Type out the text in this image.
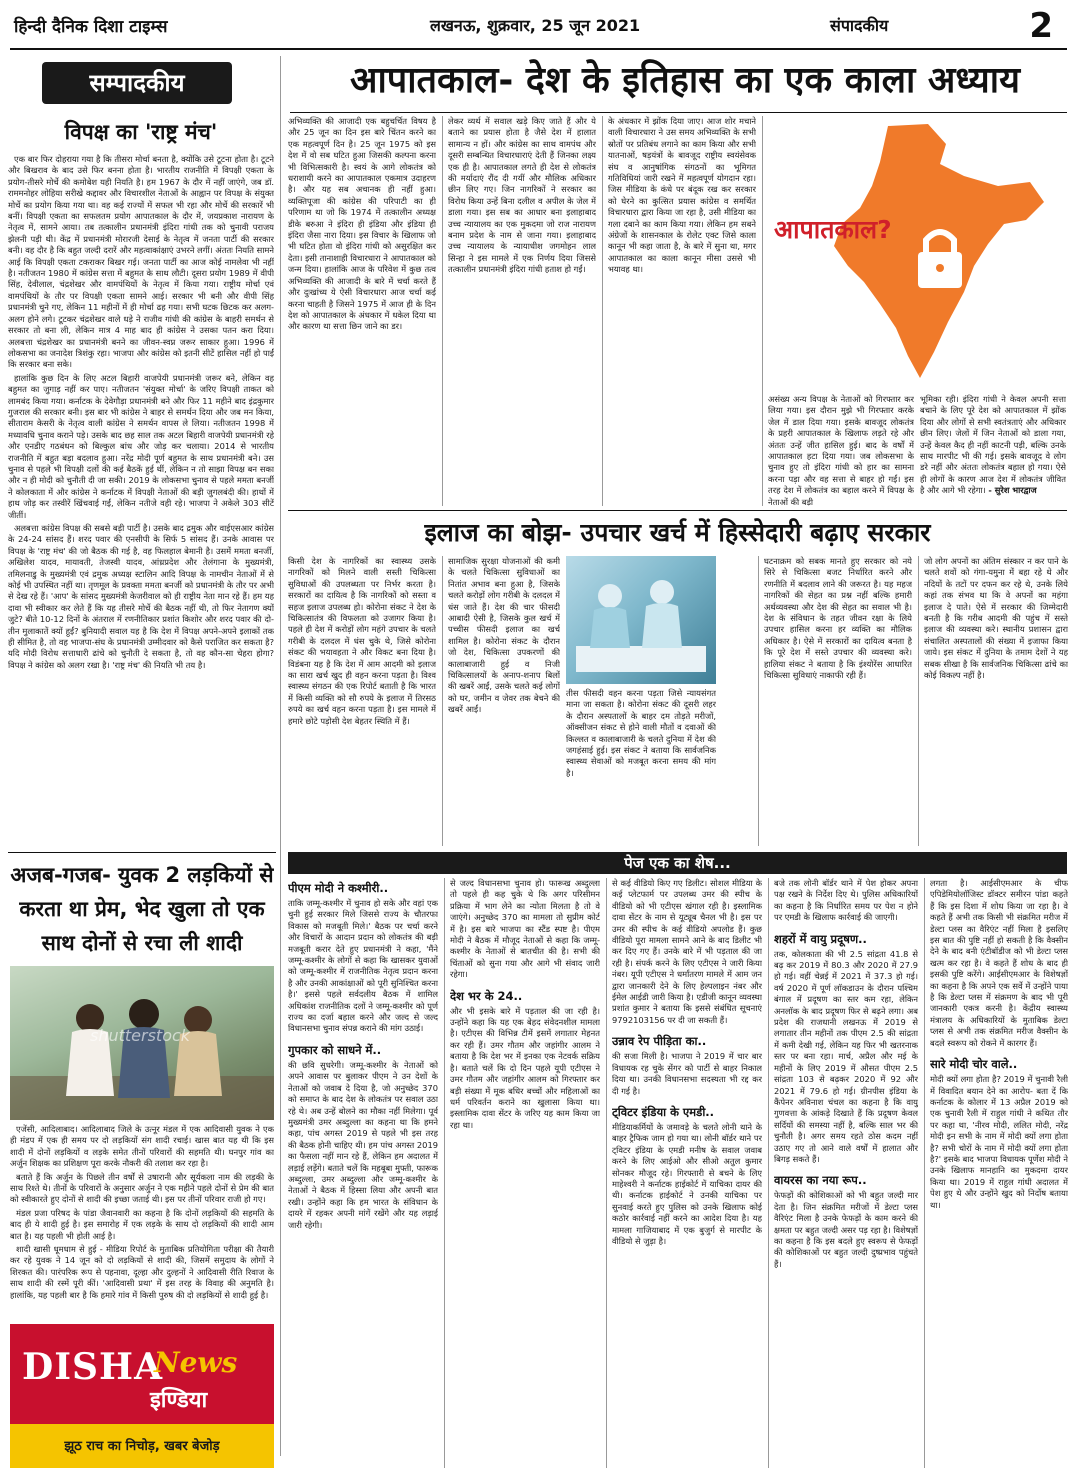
हिन्दी दैनिक दिशा टाइम्स	लखनऊ, शुक्रवार, 25 जून 2021	संपादकीय	2
सम्पादकीय	आपातकाल- देश के इतिहास का एक काला अध्याय
विपक्ष का 'राष्ट्र मंच'

एक बार फिर दोहराया गया है कि तीसरा मोर्चा बनता है, क्योंकि उसे टूटना होता है। टूटने और बिखराव के बाद उसे फिर बनना होता है। भारतीय राजनीति में विपक्षी एकता के प्रयोग-तीसरे मोर्चे की कमोबेश यही नियति है। हम 1967 के दौर में नहीं जाएंगे, जब डॉ. राममनोहर लोहिया सरीखे कद्दावर और विचारशील नेताओं के आह्वान पर विपक्ष के संयुक्त मोर्चे का प्रयोग किया गया था। वह कई राज्यों में सफल भी रहा और मोर्चे की सरकारें भी बनीं। विपक्षी एकता का सफलतम प्रयोग आपातकाल के दौर में, जयप्रकाश नारायण के नेतृत्व में, सामने आया। तब तत्कालीन प्रधानमंत्री इंदिरा गांधी तक को चुनावी पराजय झेलनी पड़ी थी। केंद्र में प्रधानमंत्री मोरारजी देसाई के नेतृत्व में जनता पार्टी की सरकार बनी। वह दौर है कि बहुत जल्दी दरारें और महत्वाकांक्षाएं उभरने लगीं। अंततः नियति सामने आई कि विपक्षी एकता टकराकर बिखर गई। जनता पार्टी का आज कोई नामलेवा भी नहीं है। नतीजतन 1980 में कांग्रेस सत्ता में बहुमत के साथ लौटी। दूसरा प्रयोग 1989 में वीपी सिंह, देवीलाल, चंद्रशेखर और वामपंथियों के नेतृत्व में किया गया। राष्ट्रीय मोर्चा एवं वामपंथियों के तौर पर विपक्षी एकता सामने आई। सरकार भी बनी और वीपी सिंह प्रधानमंत्री चुने गए, लेकिन 11 महीनों में ही मोर्चा ढह गया। सभी घटक छिटक कर अलग-अलग होने लगे। टूटकर चंद्रशेखर वाले धड़े ने राजीव गांधी की कांग्रेस के बाहरी समर्थन से सरकार तो बना ली, लेकिन मात्र 4 माह बाद ही कांग्रेस ने उसका पतन करा दिया। अलबत्ता चंद्रशेखर का प्रधानमंत्री बनने का जीवन-स्वप्न जरूर साकार हुआ। 1996 में लोकसभा का जनादेश त्रिशंकु रहा। भाजपा और कांग्रेस को इतनी सीटें हासिल नहीं हो पाईं कि सरकार बना सके।

हालांकि कुछ दिन के लिए अटल बिहारी वाजपेयी प्रधानमंत्री जरूर बने, लेकिन वह बहुमत का जुगाड़ नहीं कर पाए। नतीजतन 'संयुक्त मोर्चा' के जरिए विपक्षी ताकत को लामबंद किया गया। कर्नाटक के देवेगौड़ा प्रधानमंत्री बने और फिर 11 महीने बाद इंद्रकुमार गुजराल की सरकार बनी। इस बार भी कांग्रेस ने बाहर से समर्थन दिया और जब मन किया, सीताराम केसरी के नेतृत्व वाली कांग्रेस ने समर्थन वापस ले लिया। नतीजतन 1998 में मध्यावधि चुनाव कराने पड़े। उसके बाद छह साल तक अटल बिहारी वाजपेयी प्रधानमंत्री रहे और एनडीए गठबंधन को बिल्कुल बांध और जोड़ कर चलाया। 2014 से भारतीय राजनीति में बहुत बड़ा बदलाव हुआ। नरेंद्र मोदी पूर्ण बहुमत के साथ प्रधानमंत्री बने। उस चुनाव से पहले भी विपक्षी दलों की कई बैठकें हुई थीं, लेकिन न तो साझा विपक्ष बन सका और न ही मोदी को चुनौती दी जा सकी। 2019 के लोकसभा चुनाव से पहले ममता बनर्जी ने कोलकाता में और कांग्रेस ने कर्नाटक में विपक्षी नेताओं की बड़ी जुगलबंदी की। हाथों में हाथ जोड़ कर तस्वीरें खिंचवाई गईं, लेकिन नतीजे वही रहे। भाजपा ने अकेले 303 सीटें जीतीं।

अलबत्ता कांग्रेस विपक्ष की सबसे बड़ी पार्टी है। उसके बाद द्रमुक और वाईएसआर कांग्रेस के 24-24 सांसद हैं। शरद पवार की एनसीपी के सिर्फ 5 सांसद हैं। उनके आवास पर विपक्ष के 'राष्ट्र मंच' की जो बैठक की गई है, वह फिलहाल बेमानी है। उसमें ममता बनर्जी, अखिलेश यादव, मायावती, तेजस्वी यादव, आंध्रप्रदेश और तेलंगाना के मुख्यमंत्री, तमिलनाडु के मुख्यमंत्री एवं द्रमुक अध्यक्ष स्टालिन आदि विपक्ष के नामचीन नेताओं में से कोई भी उपस्थित नहीं था। तृणमूल के प्रवक्ता ममता बनर्जी को प्रधानमंत्री के तौर पर अभी से देख रहे हैं। 'आप' के सांसद मुख्यमंत्री केजरीवाल को ही राष्ट्रीय नेता मान रहे हैं। हम यह दावा भी स्वीकार कर लेते हैं कि यह तीसरे मोर्चे की बैठक नहीं थी, तो फिर नेतागण क्यों जुटे? बीते 10-12 दिनों के अंतराल में रणनीतिकार प्रशांत किशोर और शरद पवार की दो-तीन मुलाकातें क्यों हुईं? बुनियादी सवाल यह है कि देश में विपक्ष अपने-अपने इलाकों तक ही सीमित है, तो वह भाजपा-संघ के प्रधानमंत्री उम्मीदवार को कैसे पराजित कर सकता है? यदि मोदी विरोध सत्ताधारी ढांचे को चुनौती दे सकता है, तो वह कौन-सा चेहरा होगा? विपक्ष ने कांग्रेस को अलग रखा है। 'राष्ट्र मंच' की नियति भी तय है।

अजब-गजब- युवक 2 लड़कियों से करता था प्रेम, भेद खुला तो एक साथ दोनों से रचा ली शादी
shutterstock

एजेंसी, आदिलाबाद। आदिलाबाद जिले के उत्नूर मंडल में एक आदिवासी युवक ने एक ही मंडप में एक ही समय पर दो लड़कियों संग शादी रचाई। खास बात यह थी कि इस शादी में दोनों लड़कियों व लड़के समेत तीनों परिवारों की सहमति थी। घनपुर गांव का अर्जुन शिक्षक का प्रशिक्षण पूरा करके नौकरी की तलाश कर रहा है।

बताते हैं कि अर्जुन के पिछले तीन वर्षों से उषारानी और सूर्यकला नाम की लड़की के साथ रिश्ते थे। तीनों के परिवारों के अनुसार अर्जुन ने एक महीने पहले दोनों से प्रेम की बात को स्वीकारते हुए दोनों से शादी की इच्छा जताई थी। इस पर तीनों परिवार राजी हो गए।

मंडल प्रजा परिषद के पांडा जैवानवारी का कहना है कि दोनों लड़कियों की सहमति के बाद ही ये शादी हुई है। इस समारोह में एक लड़के के साथ दो लड़कियों की शादी आम बात है। यह पहली भी होती आई है।

शादी खासी धूमधाम से हुई - मीडिया रिपोर्ट के मुताबिक प्रतियोगिता परीक्षा की तैयारी कर रहे युवक ने 14 जून को दो लड़कियों से शादी की, जिसमें समुदाय के लोगों ने शिरकत की। पारंपरिक रूप से पहनावा, दूल्हा और दुल्हनों ने आदिवासी रीति रिवाज के साथ शादी की रस्में पूरी कीं। 'आदिवासी प्रथा' में इस तरह के विवाह की अनुमति है। हालांकि, यह पहली बार है कि हमारे गांव में किसी पुरुष की दो लड़कियों से शादी हुई है।

DISHA
News
इण्डिया
झूठ राच का निचोड़, खबर बेजोड़
अभिव्यक्ति की आजादी एक बहुचर्चित विषय है और 25 जून का दिन इस बारे चिंतन करने का एक महत्वपूर्ण दिन है। 25 जून 1975 को इस देश में वो सब घटित हुआ जिसकी कल्पना करना भी विभित्सकारी है। स्वयं के आगे लोकतंत्र को धराशायी करने का आपातकाल एकमात्र उदाहरण है। और यह सब अचानक ही नहीं हुआ। व्यक्तिपूजा की कांग्रेस की परिपाटी का ही परिणाम था जो कि 1974 में तत्कालीन अध्यक्ष डीके बरुआ ने इंदिरा ही इंडिया और इंडिया ही इंदिरा जैसा नारा दिया। इस विचार के खिलाफ जो भी घटित होता वो इंदिरा गांधी को असुरक्षित कर देता। इसी तानाशाही विचारधारा ने आपातकाल को जन्म दिया। हालांकि आज के परिवेश में कुछ तत्व अभिव्यक्ति की आजादी के बारे में चर्चा करते हैं और दुःखांच्य ये ऐसी विचारधारा आज चर्चा कई करना चाहती है जिसने 1975 में आज ही के दिन देश को आपातकाल के अंधकार में धकेल दिया था और कारण था सत्ता छिन जाने का डर।
लेकर व्यर्थ में सवाल खड़े किए जाते हैं और ये बताने का प्रयास होता है जैसे देश में हालात सामान्य न हों। और कांग्रेस का साथ वामपंथ और दूसरी सम्बन्धित विचारधाराएं देती हैं जिनका लक्ष्य एक ही है। आपातकाल लगते ही देश से लोकतंत्र की मर्यादाएं रौंद दी गयीं और मौलिक अधिकार छीन लिए गए। जिन नागरिकों ने सरकार का विरोध किया उन्हें बिना दलील व अपील के जेल में डाला गया। इस सब का आधार बना इलाहाबाद उच्च न्यायालय का एक मुकदमा जो राज नारायण बनाम प्रदेश के नाम से जाना गया। इलाहाबाद उच्च न्यायालय के न्यायाधीश जगमोहन लाल सिन्हा ने इस मामले में एक निर्णय दिया जिससे तत्कालीन प्रधानमंत्री इंदिरा गांधी हताश हो गईं।
के अंधकार में झोंक दिया जाए। आज शोर मचाने वाली विचारधारा ने उस समय अभिव्यक्ति के सभी स्रोतों पर प्रतिबंध लगाने का काम किया और सभी यातनाओं, षड़यंत्रों के बावजूद राष्ट्रीय स्वयंसेवक संघ व आनुषांगिक संगठनों का भूमिगत गतिविधियां जारी रखने में महत्वपूर्ण योगदान रहा। जिस मीडिया के कंधे पर बंदूक रख कर सरकार को घेरने का कुत्सित प्रयास कांग्रेस व समर्थित विचारधारा द्वारा किया जा रहा है, उसी मीडिया का गला दबाने का काम किया गया। लेकिन हम सबने अंग्रेजों के शासनकाल के रोलेट एक्ट जिसे काला कानून भी कहा जाता है, के बारे में सुना था, मगर आपातकाल का काला कानून मीसा उससे भी भयावह था।
आपातकाल?
असंख्य अन्य विपक्ष के नेताओं को गिरफ्तार कर लिया गया। इस दौरान मुझे भी गिरफ्तार करके जेल में डाल दिया गया। इसके बावजूद लोकतंत्र के प्रहरी आपातकाल के खिलाफ लड़ते रहे और अंततः उन्हें जीत हासिल हुई। बाद के वर्षों में आपातकाल हटा दिया गया। जब लोकसभा के चुनाव हुए तो इंदिरा गांधी को हार का सामना करना पड़ा और वह सत्ता से बाहर हो गईं। इस तरह देश में लोकतंत्र का बहाल करने में विपक्ष के नेताओं की बड़ी
भूमिका रही। इंदिरा गांधी ने केवल अपनी सत्ता बचाने के लिए पूरे देश को आपातकाल में झोंक दिया और लोगों से सभी स्वतंत्रताएं और अधिकार छीन लिए। जेलों में जिन नेताओं को डाला गया, उन्हें केवल कैद ही नहीं काटनी पड़ी, बल्कि उनके साथ मारपीट भी की गई। इसके बावजूद वे लोग डरे नहीं और अंततः लोकतंत्र बहाल हो गया। ऐसे ही लोगों के कारण आज देश में लोकतंत्र जीवित है और आगे भी रहेगा। - सुरेश भारद्वाज
इलाज का बोझ- उपचार खर्च में हिस्सेदारी बढ़ाए सरकार
किसी देश के नागरिकों का स्वास्थ्य उसके नागरिकों को मिलने वाली सस्ती चिकित्सा सुविधाओं की उपलब्धता पर निर्भर करता है। सरकारों का दायित्व है कि नागरिकों को सस्ता व सहज इलाज उपलब्ध हो। कोरोना संकट ने देश के चिकित्सातंत्र की विफलता को उजागर किया है। पहले ही देश में करोड़ों लोग महंगे उपचार के चलते गरीबी के दलदल में धंस चुके थे, जिसे कोरोना संकट की भयावहता ने और विकट बना दिया है। विडंबना यह है कि देश में आम आदमी को इलाज का सारा खर्च खुद ही वहन करना पड़ता है। विश्व स्वास्थ्य संगठन की एक रिपोर्ट बताती है कि भारत में किसी व्यक्ति को सौ रुपये के इलाज में तिरसठ रुपये का खर्च वहन करना पड़ता है। इस मामले में हमारे छोटे पड़ोसी देश बेहतर स्थिति में हैं।
सामाजिक सुरक्षा योजनाओं की कमी के चलते चिकित्सा सुविधाओं का नितांत अभाव बना हुआ है, जिसके चलते करोड़ों लोग गरीबी के दलदल में धंस जाते हैं। देश की चार फीसदी आबादी ऐसी है, जिसके कुल खर्च में पच्चीस फीसदी इलाज का खर्च शामिल है। कोरोना संकट के दौरान जो देश, चिकित्सा उपकरणों की कालाबाजारी हुई व निजी चिकित्सालयों के अनाप-शनाप बिलों की खबरें आईं, उसके चलते कई लोगों को घर, जमीन व जेवर तक बेचने की खबरें आईं।
तीस फीसदी वहन करना पड़ता जिसे न्यायसंगत माना जा सकता है। कोरोना संकट की दूसरी लहर के दौरान अस्पतालों के बाहर दम तोड़ते मरीजों, ऑक्सीजन संकट से होने वाली मौतों व दवाओं की किल्लत व कालाबाजारी के चलते दुनिया में देश की जगहंसाई हुई। इस संकट ने बताया कि सार्वजनिक स्वास्थ्य सेवाओं को मजबूत करना समय की मांग है।
घटनाक्रम को सबक मानते हुए सरकार को नये सिरे से चिकित्सा बजट निर्धारित करने और रणनीति में बदलाव लाने की जरूरत है। यह महज नागरिकों की सेहत का प्रश्न नहीं बल्कि हमारी अर्थव्यवस्था और देश की सेहत का सवाल भी है। देश के संविधान के तहत जीवन रक्षा के लिये उपचार हासिल करना हर व्यक्ति का मौलिक अधिकार है। ऐसे में सरकारों का दायित्व बनता है कि पूरे देश में सस्ते उपचार की व्यवस्था करे। हालिया संकट ने बताया है कि इंश्योरेंस आधारित चिकित्सा सुविधाएं नाकाफी रही हैं।
जो लोग अपनों का अंतिम संस्कार न कर पाने के चलते शवों को गंगा-यमुना में बहा रहे थे और नदियों के तटों पर दफन कर रहे थे, उनके लिये कहां तक संभव था कि वे अपनों का महंगा इलाज दे पाते। ऐसे में सरकार की जिम्मेदारी बनती है कि गरीब आदमी की पहुंच में सस्ते इलाज की व्यवस्था करे। स्थानीय प्रशासन द्वारा संचालित अस्पतालों की संख्या में इजाफा किया जाये। इस संकट में दुनिया के तमाम देशों ने यह सबक सीखा है कि सार्वजनिक चिकित्सा ढांचे का कोई विकल्प नहीं है।
पेज एक का शेष...
पीएम मोदी ने कश्मीरी..
ताकि जम्मू-कश्मीर में चुनाव हो सके और वहां एक चुनी हुई सरकार मिले जिससे राज्य के चौतरफा विकास को मजबूती मिले।' बैठक पर चर्चा करने और विचारों के आदान प्रदान को लोकतंत्र की बड़ी मजबूती करार देते हुए प्रधानमंत्री ने कहा, 'मैंने जम्मू-कश्मीर के लोगों से कहा कि खासकर युवाओं को जम्मू-कश्मीर में राजनीतिक नेतृत्व प्रदान करना है और उनकी आकांक्षाओं को पूरी सुनिश्चित करना है।' इससे पहले सर्वदलीय बैठक में शामिल अधिकांश राजनीतिक दलों ने जम्मू-कश्मीर को पूर्ण राज्य का दर्जा बहाल करने और जल्द से जल्द विधानसभा चुनाव संपन्न कराने की मांग उठाई।
गुपकार को साधने में..
की छवि सुधरेगी। जम्मू-कश्मीर के नेताओं को अपने आवास पर बुलाकर पीएम ने उन देशों के नेताओं को जवाब दे दिया है, जो अनुच्छेद 370 को समाप्त के बाद देश के लोकतंत्र पर सवाल उठा रहे थे। अब उन्हें बोलने का मौका नहीं मिलेगा। पूर्व मुख्यमंत्री उमर अब्दुल्ला का कहना था कि हमने कहा, पांच अगस्त 2019 से पहले भी इस तरह की बैठक होनी चाहिए थी। हम पांच अगस्त 2019 का फैसला नहीं मान रहे हैं, लेकिन हम अदालत में लड़ाई लड़ेंगे। बताते चलें कि महबूबा मुफ्ती, फारूक अब्दुल्ला, उमर अब्दुल्ला और जम्मू-कश्मीर के नेताओं ने बैठक में हिस्सा लिया और अपनी बात रखी। उन्होंने कहा कि हम भारत के संविधान के दायरे में रहकर अपनी मांगें रखेंगे और यह लड़ाई जारी रहेगी।
से जल्द विधानसभा चुनाव हो। फारूख अब्दुल्ला तो पहले ही कह चुके थे कि अगर परिसीमन प्रक्रिया में भाग लेने का न्योता मिलता है तो वे जाएंगे। अनुच्छेद 370 का मामला तो सुप्रीम कोर्ट में है। इस बारे भाजपा का स्टैंड स्पष्ट है। पीएम मोदी ने बैठक में मौजूद नेताओं से कहा कि जम्मू-कश्मीर के नेताओं से बातचीत की है। सभी की चिंताओं को सुना गया और आगे भी संवाद जारी रहेगा।
देश भर के 24..
और भी इसके बारे में पड़ताल की जा रही है। उन्होंने कहा कि यह एक बेहद संवेदनशील मामला है। एटीएस की विभिन्न टीमें इसमें लगातार मेहनत कर रही हैं। उमर गौतम और जहांगीर आलम ने बताया है कि देश भर में इनका एक नेटवर्क सक्रिय है। बताते चलें कि दो दिन पहले यूपी एटीएस ने उमर गौतम और जहांगीर आलम को गिरफ्तार कर बड़ी संख्या में मूक बधिर बच्चों और महिलाओं का धर्म परिवर्तन कराने का खुलासा किया था। इस्लामिक दावा सेंटर के जरिए यह काम किया जा रहा था।
से कई वीडियो किए गए डिलीट। सोशल मीडिया के कई प्लेटफार्म पर उपलब्ध उमर की स्पीच के वीडियो को भी एटीएस खंगाल रही है। इस्लामिक दावा सेंटर के नाम से यूट्यूब चैनल भी है। इस पर उमर की स्पीच के कई वीडियो अपलोड हैं। कुछ वीडियो पूरा मामला सामने आने के बाद डिलीट भी कर दिए गए हैं। उनके बारे में भी पड़ताल की जा रही है। संपर्क करने के लिए एटीएस ने जारी किया नंबर। यूपी एटीएस ने धर्मांतरण मामले में आम जन द्वारा जानकारी देने के लिए हेल्पलाइन नंबर और ईमेल आईडी जारी किया है। एडीजी कानून व्यवस्था प्रशांत कुमार ने बताया कि इससे संबंधित सूचनाएं 9792103156 पर दी जा सकती हैं।
उन्नाव रेप पीड़िता का..
की सजा मिली है। भाजपा ने 2019 में चार बार विधायक रह चुके सेंगर को पार्टी से बाहर निकाल दिया था। उनकी विधानसभा सदस्यता भी रद्द कर दी गई है।
ट्विटर इंडिया के एमडी..
मीडियाकर्मियों के जमावड़े के चलते लोनी थाने के बाहर ट्रैफिक जाम हो गया था। लोनी बॉर्डर थाने पर ट्विटर इंडिया के एमडी मनीष के सवाल जवाब करने के लिए आईओ और सीओ अतुल कुमार सोनकर मौजूद रहे। गिरफ्तारी से बचने के लिए माहेश्वरी ने कर्नाटक हाईकोर्ट में याचिका दायर की थी। कर्नाटक हाईकोर्ट ने उनकी याचिका पर सुनवाई करते हुए पुलिस को उनके खिलाफ कोई कठोर कार्रवाई नहीं करने का आदेश दिया है। यह मामला गाजियाबाद में एक बुजुर्ग से मारपीट के वीडियो से जुड़ा है।
बजे तक लोनी बॉर्डर थाने में पेश होकर अपना पक्ष रखने के निर्देश दिए थे। पुलिस अधिकारियों का कहना है कि निर्धारित समय पर पेश न होने पर एमडी के खिलाफ कार्रवाई की जाएगी।
शहरों में वायु प्रदूषण..
तक, कोलकाता की भी 2.5 सांद्रता 41.8 से बढ़ कर 2019 में 80.3 और 2020 में 27.9 हो गई। वहीं चेन्नई में 2021 में 37.3 हो गई। वर्ष 2020 में पूर्ण लॉकडाउन के दौरान पश्चिम बंगाल में प्रदूषण का स्तर कम रहा, लेकिन अनलॉक के बाद प्रदूषण फिर से बढ़ने लगा। अब प्रदेश की राजधानी लखनऊ में 2019 से लगातार तीन महीनों तक पीएम 2.5 की सांद्रता में कमी देखी गई, लेकिन यह फिर भी खतरनाक स्तर पर बना रहा। मार्च, अप्रैल और मई के महीनों के लिए 2019 में औसत पीएम 2.5 सांद्रता 103 से बढ़कर 2020 में 92 और 2021 में 79.6 हो गई। ग्रीनपीस इंडिया के कैंपेनर अविनाश चंचल का कहना है कि वायु गुणवत्ता के आंकड़े दिखाते हैं कि प्रदूषण केवल सर्दियों की समस्या नहीं है, बल्कि साल भर की चुनौती है। अगर समय रहते ठोस कदम नहीं उठाए गए तो आने वाले वर्षों में हालात और बिगड़ सकते हैं।
वायरस का नया रूप..
फेफड़ों की कोशिकाओं को भी बहुत जल्दी मार देता है। जिन संक्रमित मरीजों में डेल्टा प्लस वैरिएंट मिला है उनके फेफड़ों के काम करने की क्षमता पर बहुत जल्दी असर पड़ रहा है। विशेषज्ञों का कहना है कि इस बदले हुए स्वरूप से फेफड़ों की कोशिकाओं पर बहुत जल्दी दुष्प्रभाव पहुंचते हैं।
लगता है। आईसीएमआर के चीफ एपिडेमियोलॉजिस्ट डॉक्टर समीरन पांडा कहते हैं कि इस दिशा में शोध किया जा रहा है। वे कहते हैं अभी तक किसी भी संक्रमित मरीज में डेल्टा प्लस का वैरिएंट नहीं मिला है इसलिए इस बात की पुष्टि नहीं हो सकती है कि वैक्सीन देने के बाद बनी एंटीबॉडीज को भी डेल्टा प्लस खत्म कर रहा है। वे कहते हैं शोध के बाद ही इसकी पुष्टि करेंगे। आईसीएमआर के विशेषज्ञों का कहना है कि अपने एक सर्वे में उन्होंने पाया है कि डेल्टा प्लस में संक्रमण के बाद भी पूरी जानकारी एकत्र करनी है। केंद्रीय स्वास्थ्य मंत्रालय के अधिकारियों के मुताबिक डेल्टा प्लस से अभी तक संक्रमित मरीज वैक्सीन के बदले स्वरूप को रोकने में कारगर हैं।
सारे मोदी चोर वाले..
मोदी क्यों लगा होता है? 2019 में चुनावी रैली में विवादित बयान देने का आरोप- बता दें कि कर्नाटक के कोलार में 13 अप्रैल 2019 को एक चुनावी रैली में राहुल गांधी ने कथित तौर पर कहा था, 'नीरव मोदी, ललित मोदी, नरेंद्र मोदी इन सभी के नाम में मोदी क्यों लगा होता है? सभी चोरों के नाम में मोदी क्यों लगा होता है?' इसके बाद भाजपा विधायक पूर्णेश मोदी ने उनके खिलाफ मानहानि का मुकदमा दायर किया था। 2019 में राहुल गांधी अदालत में पेश हुए थे और उन्होंने खुद को निर्दोष बताया था।
